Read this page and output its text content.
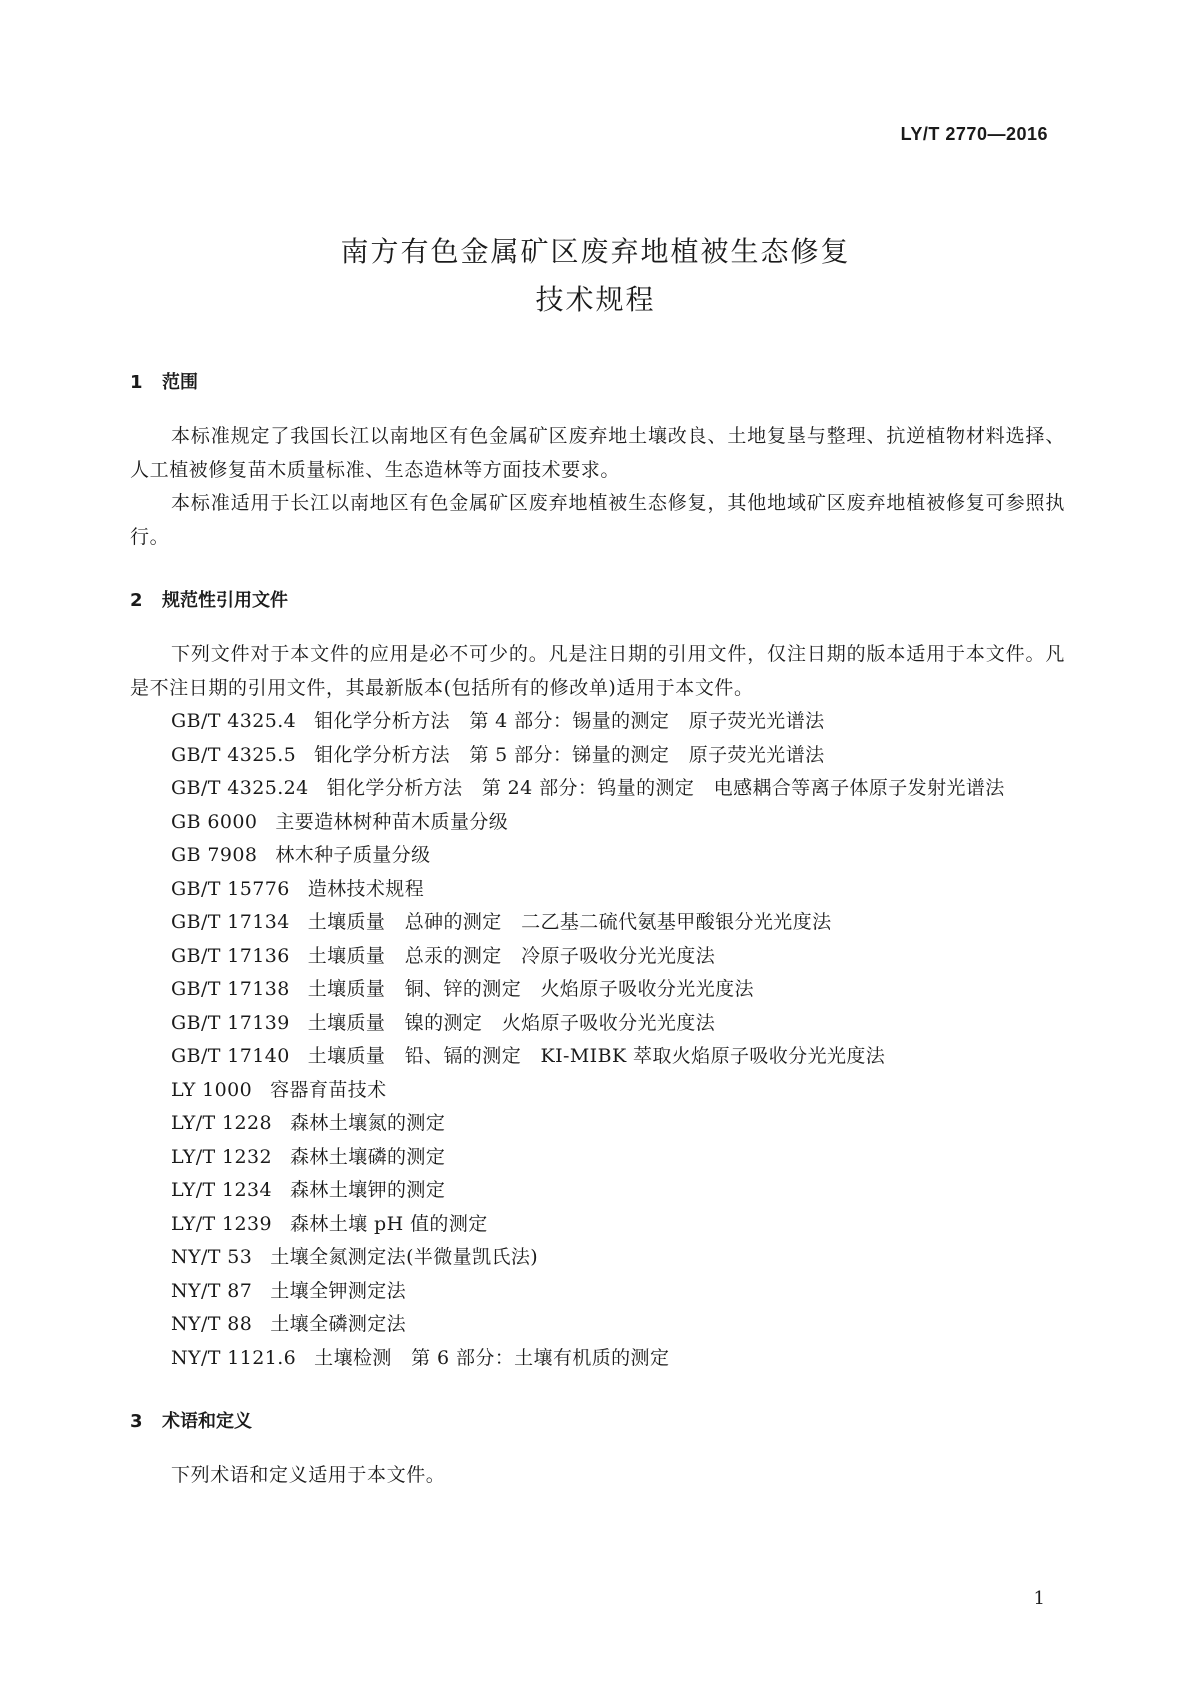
LY/T 2770—2016
南方有色金属矿区废弃地植被生态修复
技术规程
1 范围
本标准规定了我国长江以南地区有色金属矿区废弃地土壤改良、土地复垦与整理、抗逆植物材料选择、人工植被修复苗木质量标准、生态造林等方面技术要求。
本标准适用于长江以南地区有色金属矿区废弃地植被生态修复，其他地域矿区废弃地植被修复可参照执行。
2 规范性引用文件
下列文件对于本文件的应用是必不可少的。凡是注日期的引用文件，仅注日期的版本适用于本文件。凡是不注日期的引用文件，其最新版本(包括所有的修改单)适用于本文件。
GB/T 4325.4 钼化学分析方法　第 4 部分：锡量的测定　原子荧光光谱法
GB/T 4325.5 钼化学分析方法　第 5 部分：锑量的测定　原子荧光光谱法
GB/T 4325.24 钼化学分析方法　第 24 部分：钨量的测定　电感耦合等离子体原子发射光谱法
GB 6000 主要造林树种苗木质量分级
GB 7908 林木种子质量分级
GB/T 15776 造林技术规程
GB/T 17134 土壤质量　总砷的测定　二乙基二硫代氨基甲酸银分光光度法
GB/T 17136 土壤质量　总汞的测定　冷原子吸收分光光度法
GB/T 17138 土壤质量　铜、锌的测定　火焰原子吸收分光光度法
GB/T 17139 土壤质量　镍的测定　火焰原子吸收分光光度法
GB/T 17140 土壤质量　铅、镉的测定　KI-MIBK 萃取火焰原子吸收分光光度法
LY 1000 容器育苗技术
LY/T 1228 森林土壤氮的测定
LY/T 1232 森林土壤磷的测定
LY/T 1234 森林土壤钾的测定
LY/T 1239 森林土壤 pH 值的测定
NY/T 53 土壤全氮测定法(半微量凯氏法)
NY/T 87 土壤全钾测定法
NY/T 88 土壤全磷测定法
NY/T 1121.6 土壤检测　第 6 部分：土壤有机质的测定
3 术语和定义
下列术语和定义适用于本文件。
1
